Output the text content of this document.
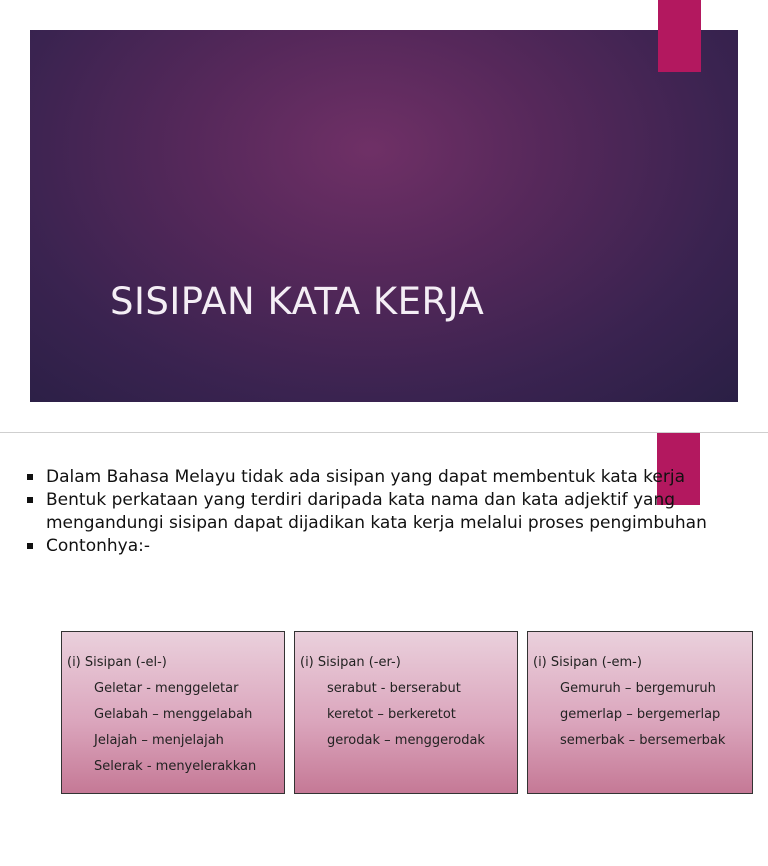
SISIPAN KATA KERJA
Dalam Bahasa Melayu tidak ada sisipan yang dapat membentuk kata kerja
Bentuk perkataan yang terdiri daripada kata nama dan kata adjektif yang mengandungi sisipan dapat dijadikan kata kerja melalui proses pengimbuhan
Contonhya:-
(i) Sisipan (-el-)
Geletar - menggeletar
Gelabah – menggelabah
Jelajah – menjelajah
Selerak - menyelerakkan
(i) Sisipan (-er-)
serabut - berserabut
keretot – berkeretot
gerodak – menggerodak
(i) Sisipan (-em-)
Gemuruh – bergemuruh
gemerlap – bergemerlap
semerbak – bersemerbak
